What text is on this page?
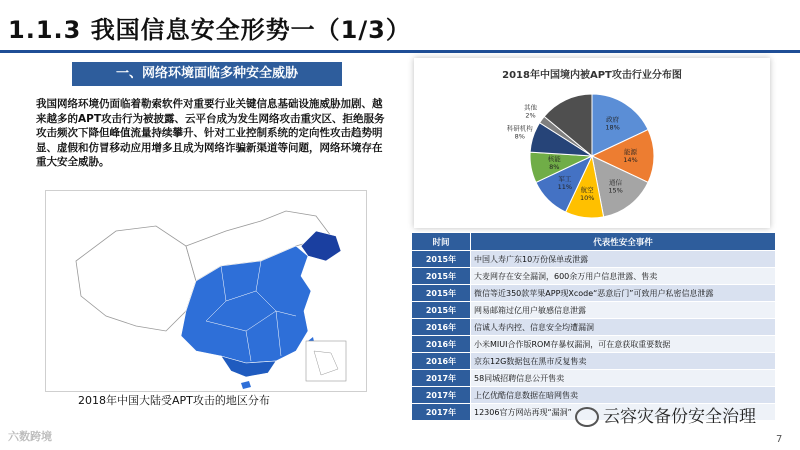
1.1.3 我国信息安全形势一（1/3）
一、网络环境面临多种安全威胁
我国网络环境仍面临着勒索软件对重要行业关键信息基础设施威胁加剧、越来越多的APT攻击行为被披露、云平台成为发生网络攻击重灾区、拒绝服务攻击频次下降但峰值流量持续攀升、针对工业控制系统的定向性攻击趋势明显、虚假和仿冒移动应用增多且成为网络诈骗新渠道等问题，网络环境存在重大安全威胁。
2018年中国大陆受APT攻击的地区分布
2018年中国境内被APT攻击行业分布图
政府
18%
能源
14%
通信
15%
航空
10%
军工
11%
核能
8%
科研机构
8%
其他
2%
时间	代表性安全事件
2015年	中国人寿广东10万份保单或泄露
2015年	大麦网存在安全漏洞，600余万用户信息泄露、售卖
2015年	微信等近350款苹果APP现Xcode“恶意后门”可致用户私密信息泄露
2015年	网易邮箱过亿用户敏感信息泄露
2016年	信诚人寿内控、信息安全均遭漏洞
2016年	小米MIUI合作版ROM存暴权漏洞，可在意获取重要数据
2016年	京东12G数据包在黑市反复售卖
2017年	58同城招聘信息公开售卖
2017年	上亿优酷信息数据在暗网售卖
2017年	12306官方网站再现“漏洞”	云容灾备份安全治理
六数跨境	7
